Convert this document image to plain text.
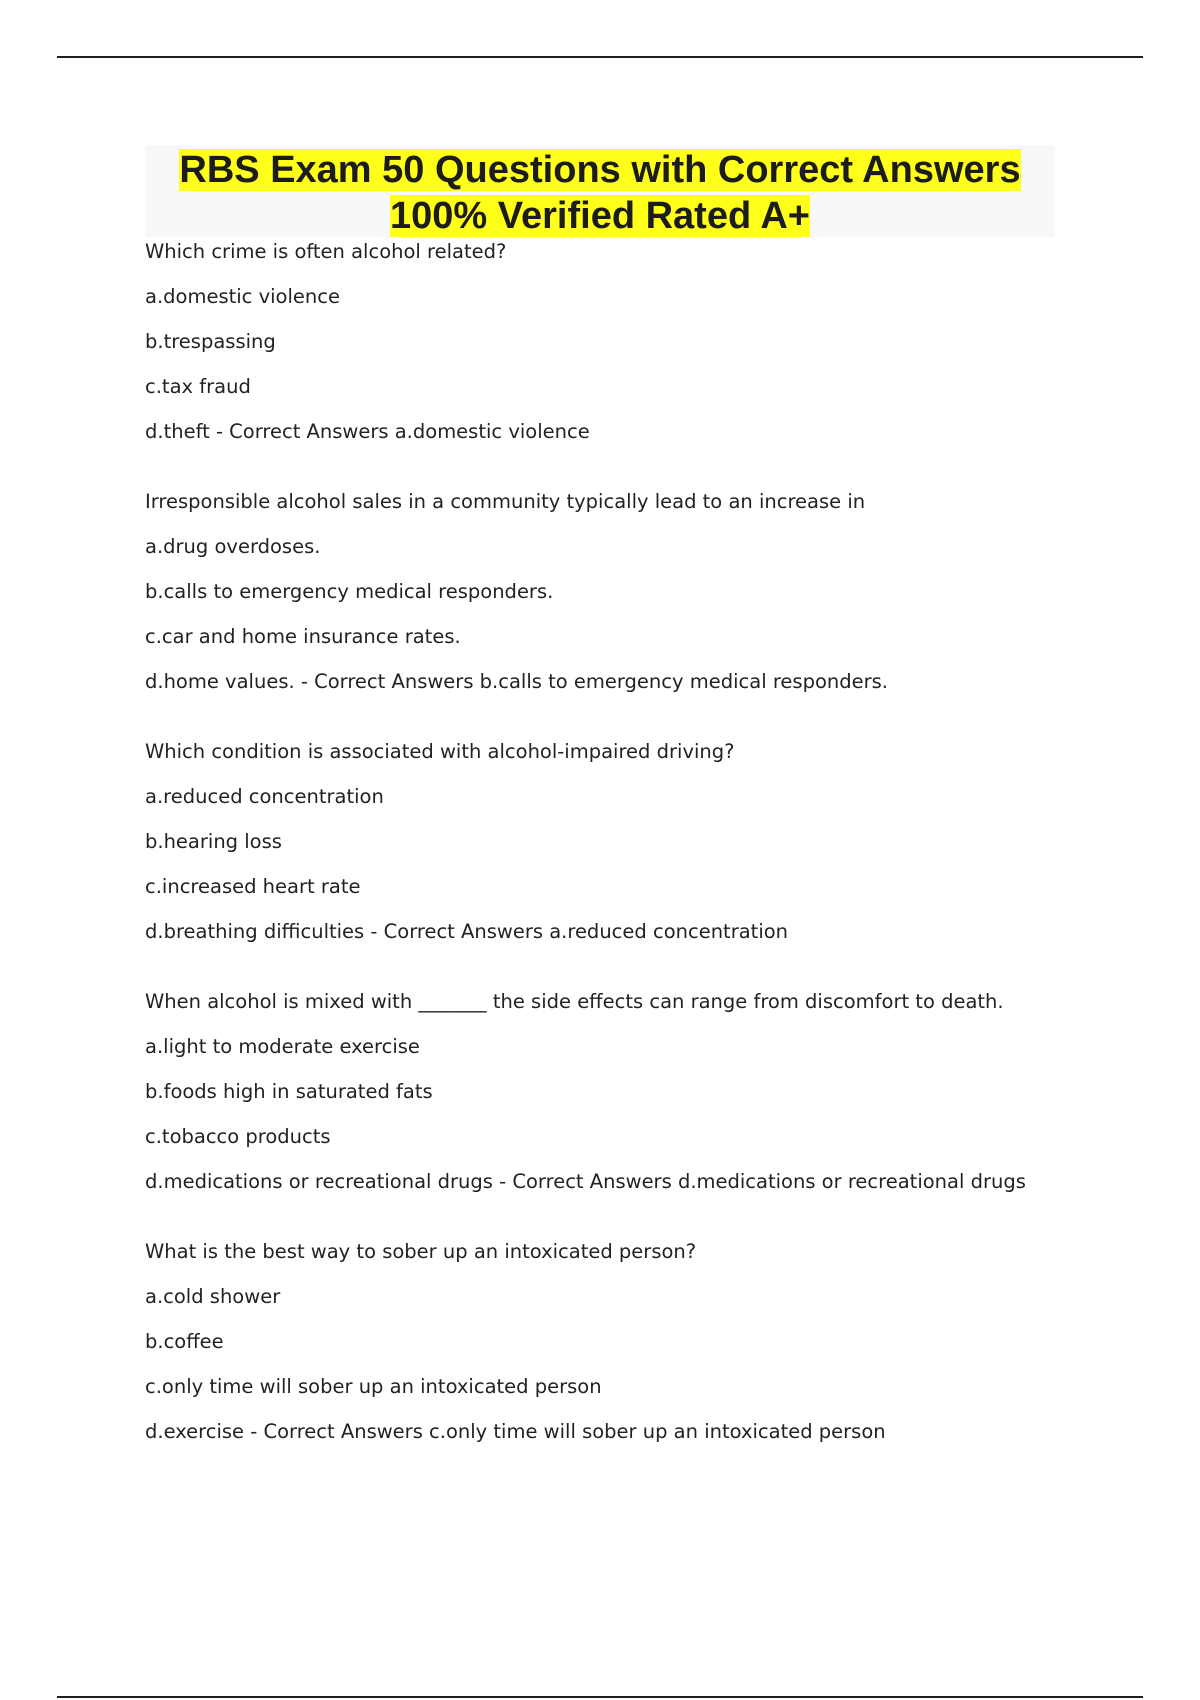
RBS Exam 50 Questions with Correct Answers 100% Verified Rated A+
Which crime is often alcohol related?
a.domestic violence
b.trespassing
c.tax fraud
d.theft - Correct Answers a.domestic violence
Irresponsible alcohol sales in a community typically lead to an increase in
a.drug overdoses.
b.calls to emergency medical responders.
c.car and home insurance rates.
d.home values. - Correct Answers b.calls to emergency medical responders.
Which condition is associated with alcohol-impaired driving?
a.reduced concentration
b.hearing loss
c.increased heart rate
d.breathing difficulties - Correct Answers a.reduced concentration
When alcohol is mixed with _______ the side effects can range from discomfort to death.
a.light to moderate exercise
b.foods high in saturated fats
c.tobacco products
d.medications or recreational drugs - Correct Answers d.medications or recreational drugs
What is the best way to sober up an intoxicated person?
a.cold shower
b.coffee
c.only time will sober up an intoxicated person
d.exercise - Correct Answers c.only time will sober up an intoxicated person
